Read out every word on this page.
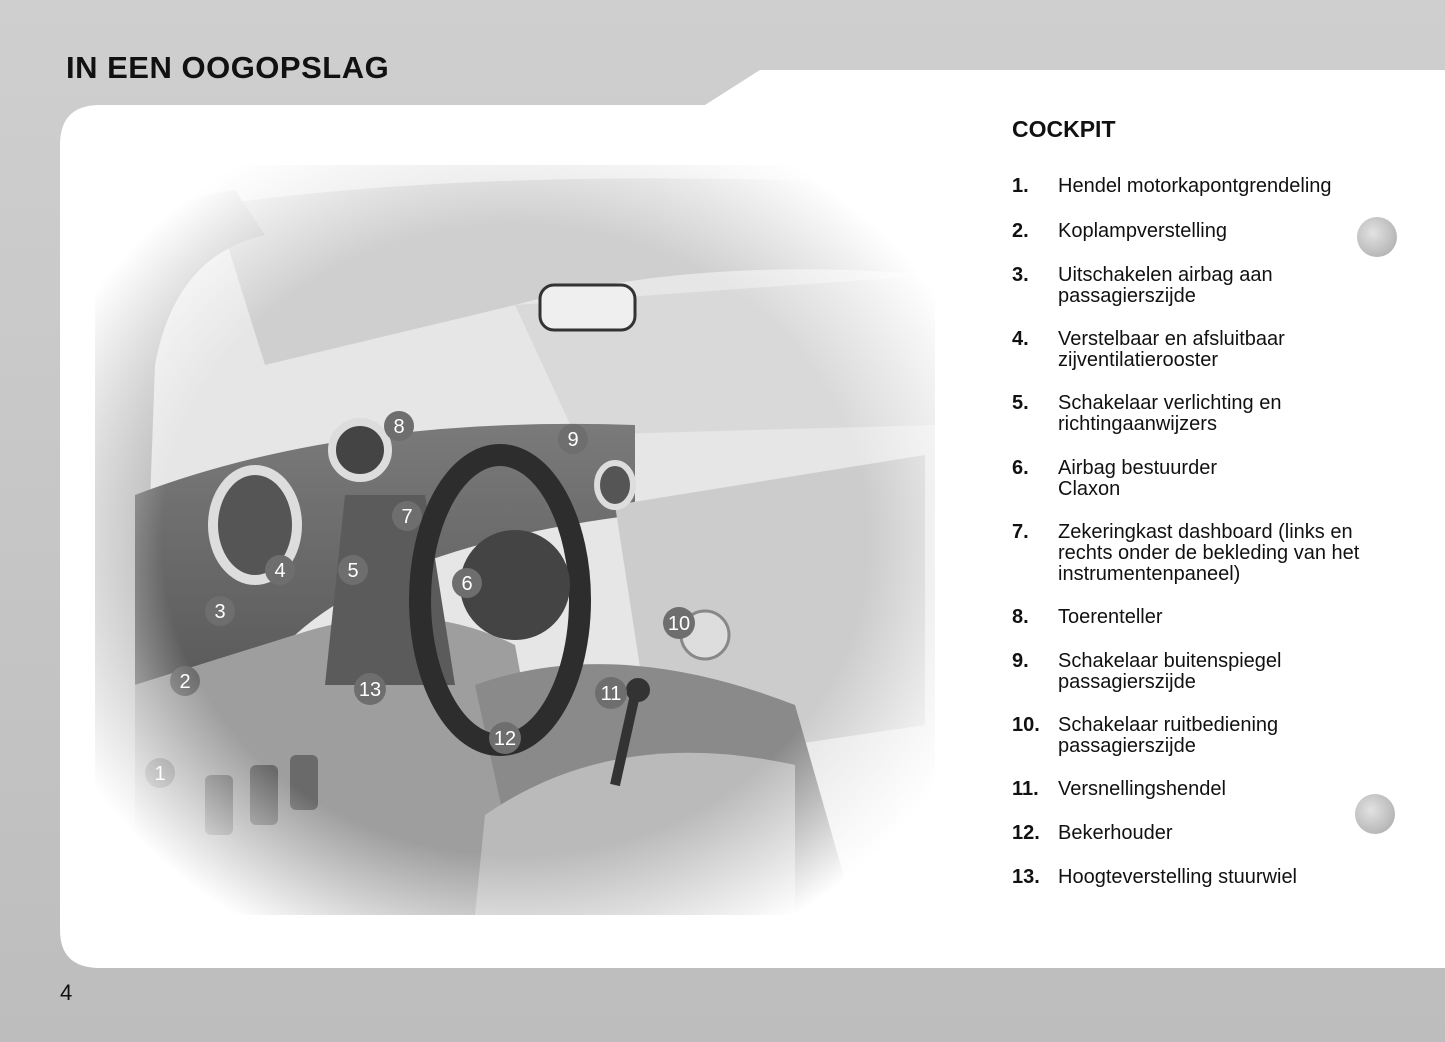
IN EEN OOGOPSLAG
COCKPIT
1. Hendel motorkapontgrendeling
2. Koplampverstelling
3. Uitschakelen airbag aan passagierszijde
4. Verstelbaar en afsluitbaar zijventilatierooster
5. Schakelaar verlichting en richtingaanwijzers
6. Airbag bestuurder Claxon
7. Zekeringkast dashboard (links en rechts onder de bekleding van het instrumentenpaneel)
8. Toerenteller
9. Schakelaar buitenspiegel passagierszijde
10. Schakelaar ruitbediening passagierszijde
11. Versnellingshendel
12. Bekerhouder
13. Hoogteverstelling stuurwiel
4
